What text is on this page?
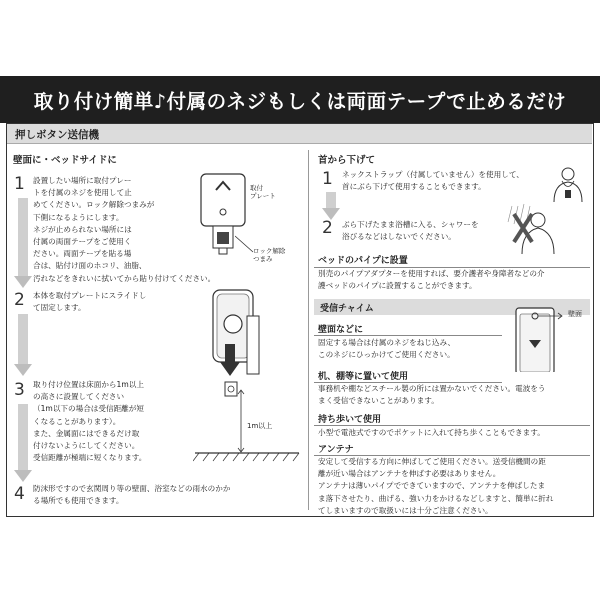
取り付け簡単♪付属のネジもしくは両面テープで止めるだけ
押しボタン送信機
壁面に・ベッドサイドに
1 設置したい場所に取付プレー
トを付属のネジを使用して止
めてください。ロック解除つまみが
下側になるようにします。
ネジが止められない場所には
付属の両面テープをご使用く
ださい。両面テープを貼る場
合は、貼付け面のホコリ、油脂、
汚れなどをきれいに拭いてから貼り付けてください。
取付
プレート
ロック解除
つまみ
2 本体を取付プレートにスライドし
て固定します。
3 取り付け位置は床面から1m以上
の高さに設置してください
（1m以下の場合は受信距離が短
くなることがあります）。
また、金属面にはできるだけ取
付けないようにしてください。
受信距離が極端に短くなります。
1m以上
4 防沫形ですので玄関周り等の壁面、浴室などの雨水のかか
る場所でも使用できます。
首から下げて
1 ネックストラップ（付属していません）を使用して、
首にぶら下げて使用することもできます。
2 ぶら下げたまま浴槽に入る、シャワーを
浴びるなどはしないでください。
ベッドのパイプに設置
別売のパイプアダプターを使用すれば、要介護者や身障者などの介
護ベッドのパイプに設置することができます。
受信チャイム
壁面などに
固定する場合は付属のネジをねじ込み、
このネジにひっかけてご使用ください。
壁面
机、棚等に置いて使用
事務机や棚などスチール製の所には置かないでください。電波をう
まく受信できないことがあります。
持ち歩いて使用
小型で電池式ですのでポケットに入れて持ち歩くこともできます。
アンテナ
安定して受信する方向に伸ばしてご使用ください。送受信機間の距
離が近い場合はアンテナを伸ばす必要はありません。
アンテナは薄いパイプでできていますので、アンテナを伸ばしたま
ま落下させたり、曲げる、強い力をかけるなどしますと、簡単に折れ
てしまいますので取扱いには十分ご注意ください。
